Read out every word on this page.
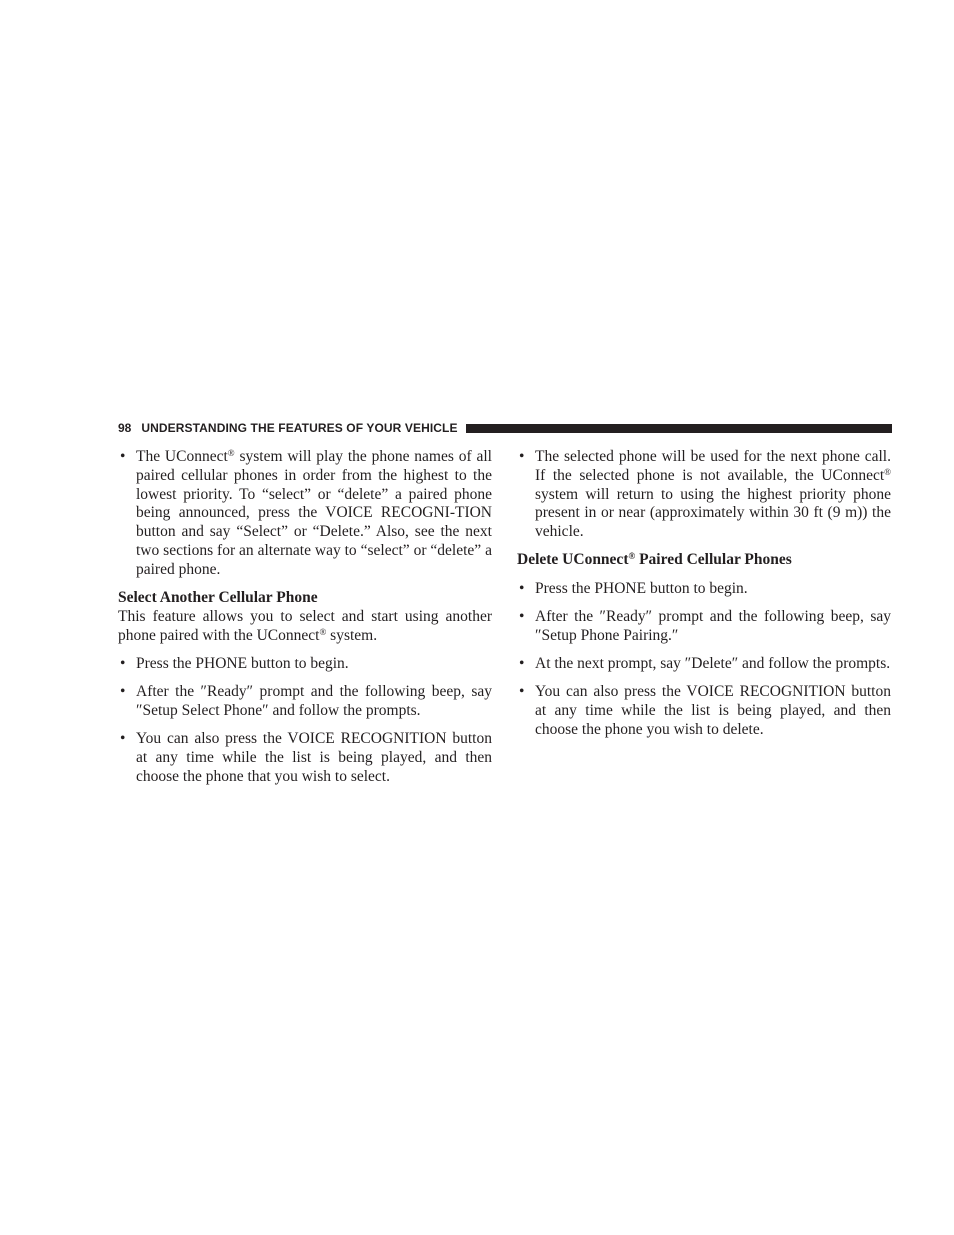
98 UNDERSTANDING THE FEATURES OF YOUR VEHICLE

• The UConnect® system will play the phone names of all paired cellular phones in order from the highest to the lowest priority. To “select” or “delete” a paired phone being announced, press the VOICE RECOGNI-TION button and say “Select” or “Delete.” Also, see the next two sections for an alternate way to “select” or “delete” a paired phone.

Select Another Cellular Phone

This feature allows you to select and start using another phone paired with the UConnect® system.

• Press the PHONE button to begin.

• After the ″Ready″ prompt and the following beep, say ″Setup Select Phone″ and follow the prompts.

• You can also press the VOICE RECOGNITION button at any time while the list is being played, and then choose the phone that you wish to select.

• The selected phone will be used for the next phone call. If the selected phone is not available, the UConnect® system will return to using the highest priority phone present in or near (approximately within 30 ft (9 m)) the vehicle.

Delete UConnect® Paired Cellular Phones

• Press the PHONE button to begin.

• After the ″Ready″ prompt and the following beep, say ″Setup Phone Pairing.″

• At the next prompt, say ″Delete″ and follow the prompts.

• You can also press the VOICE RECOGNITION button at any time while the list is being played, and then choose the phone you wish to delete.
